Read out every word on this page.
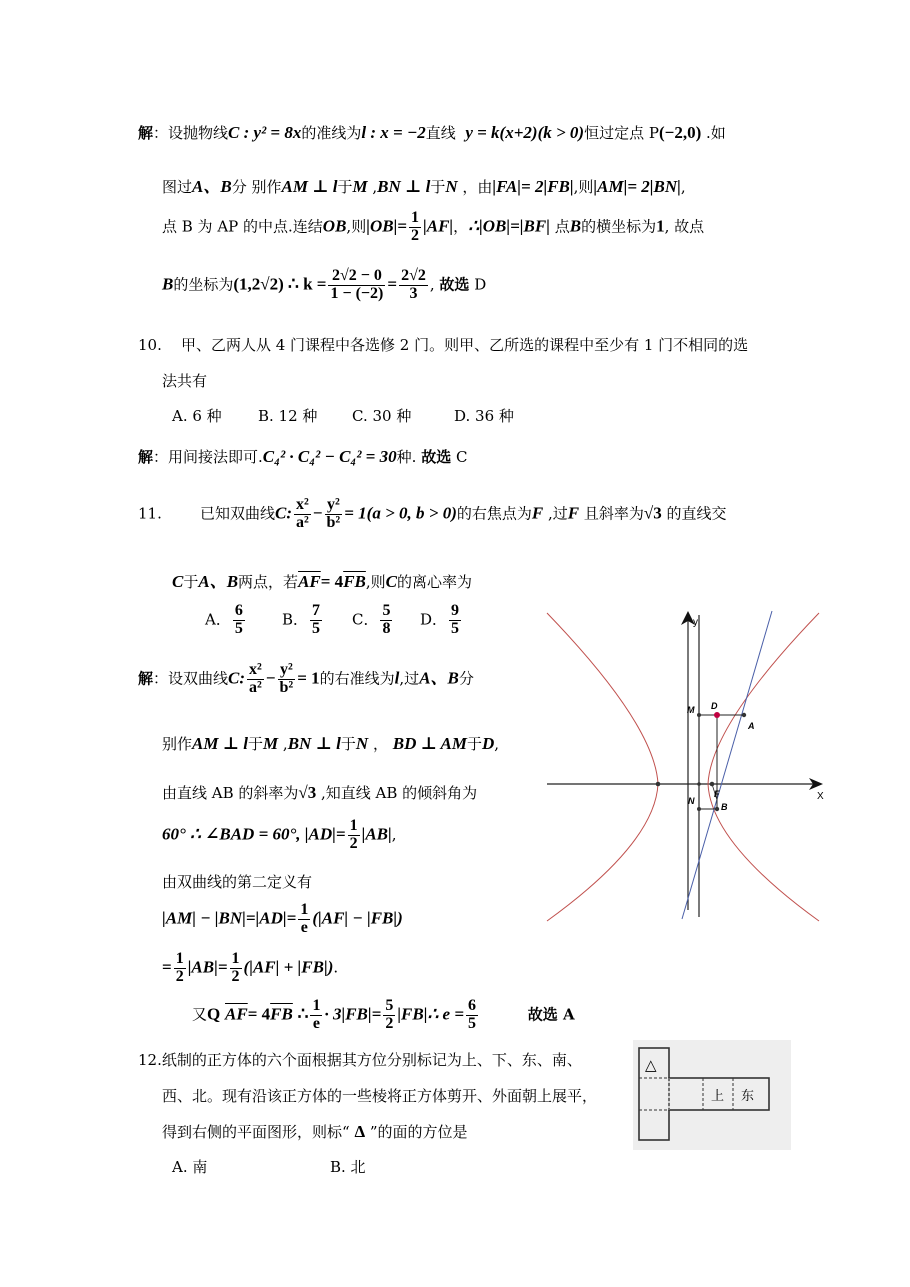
解：设抛物线C : y² = 8x的准线为l : x = −2直线 y = k(x+2)(k > 0)恒过定点 P(−2,0) .如
图过A、B分 别作AM ⊥ l于M ,BN ⊥ l于N ，由|FA|= 2|FB|,则|AM|= 2|BN|,
点 B 为 AP 的中点.连结OB,则$|OB|= \frac{1}{2} |AF|$，∴|OB|=|BF| 点B的横坐标为1, 故点
B的坐标为(1,2√2) ∴ $k = \frac{2√2 - 0}{1 - (-2)} = \frac{2√2}{3}$ , 故选 D
10. 甲、乙两人从 4 门课程中各选修 2 门。则甲、乙所选的课程中至少有 1 门不相同的选
法共有
A. 6 种 B. 12 种 C. 30 种	D. 36 种
解：用间接法即可.C₄² · C₄² − C₄² = 30种. 故选 C
11.	已知双曲线C: $\frac{\text{x²}}{\text{a²}} - \frac{\text{y²}}{\text{b²}} = 1(a > 0$, b > 0)的右焦点为F ,过F 且斜率为√3 的直线交
C于A、B两点，若$\overline{AF}= 4\overline{FB}$,则C的离心率为
A． $\frac{6}{5}$ B． $\frac{7}{5}$ C． $\frac{5}{8}$ D． $\frac{9}{5}$
解：设双曲线C: $\frac{\text{x²}}{\text{a²}} - \frac{\text{y²}}{\text{b²}} = 1$的右准线为l,过A、B分
别作AM ⊥ l于M ,BN ⊥ l于N ， BD ⊥ AM于D,
由直线 AB 的斜率为√3 ,知直线 AB 的倾斜角为
60° ∴ ∠BAD = 60°, $|AD|= \frac{1}{2} |AB|$,
由双曲线的第二定义有
$|AM| - |BN|=|AD|= \frac{1}{e} (|AF| - |FB|)$
= $\frac{1}{2} |AB|= \frac{1}{2} (|AF| + |FB|)$.
又Q $\overline{AF}= 4\overline{FB}$ ∴ $\frac{1}{e} \cdot 3|FB|= \frac{5}{2}$ |FB|∴ $e = \frac{6}{5}$	故选 A
X
y
M D
A
N
F
B
12.纸制的正方体的六个面根据其方位分别标记为上、下、东、南、
西、北。现有沿该正方体的一些棱将正方体剪开、外面朝上展平，
得到右侧的平面图形，则标“ Δ ”的面的方位是
A. 南	B. 北
△
上 东
